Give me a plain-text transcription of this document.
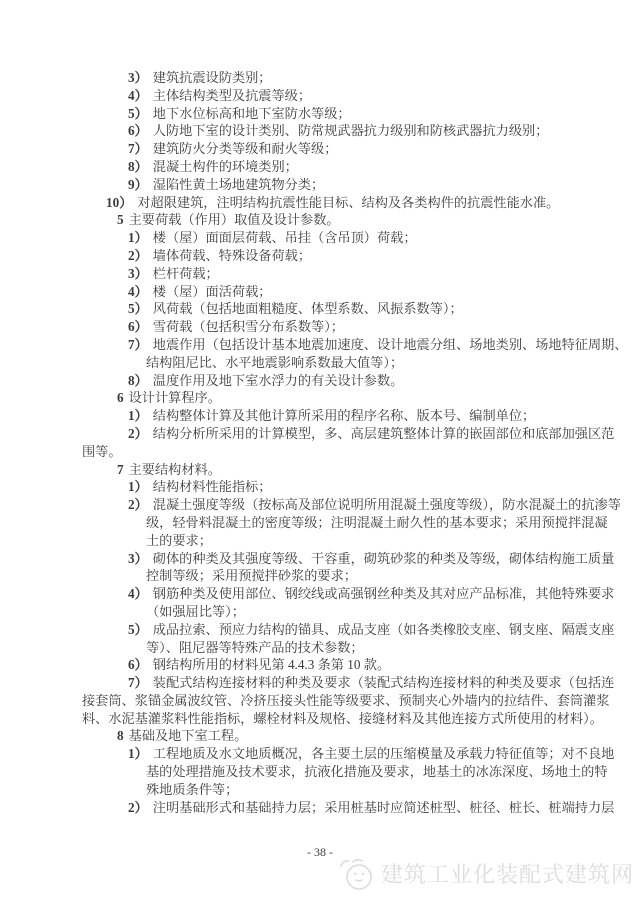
3） 建筑抗震设防类别；
4） 主体结构类型及抗震等级；
5） 地下水位标高和地下室防水等级；
6） 人防地下室的设计类别、防常规武器抗力级别和防核武器抗力级别；
7） 建筑防火分类等级和耐火等级；
8） 混凝土构件的环境类别；
9） 湿陷性黄土场地建筑物分类；
10） 对超限建筑，注明结构抗震性能目标、结构及各类构件的抗震性能水准。
5 主要荷载（作用）取值及设计参数。
1） 楼（屋）面面层荷载、吊挂（含吊顶）荷载；
2） 墙体荷载、特殊设备荷载；
3） 栏杆荷载；
4） 楼（屋）面活荷载；
5） 风荷载（包括地面粗糙度、体型系数、风振系数等）；
6） 雪荷载（包括积雪分布系数等）；
7） 地震作用（包括设计基本地震加速度、设计地震分组、场地类别、场地特征周期、
结构阻尼比、水平地震影响系数最大值等）；
8） 温度作用及地下室水浮力的有关设计参数。
6 设计计算程序。
1） 结构整体计算及其他计算所采用的程序名称、版本号、编制单位；
2） 结构分析所采用的计算模型，多、高层建筑整体计算的嵌固部位和底部加强区范
围等。
7 主要结构材料。
1） 结构材料性能指标；
2） 混凝土强度等级（按标高及部位说明所用混凝土强度等级），防水混凝土的抗渗等
级，轻骨料混凝土的密度等级；注明混凝土耐久性的基本要求；采用预搅拌混凝
土的要求；
3） 砌体的种类及其强度等级、干容重，砌筑砂浆的种类及等级，砌体结构施工质量
控制等级；采用预搅拌砂浆的要求；
4） 钢筋种类及使用部位、钢绞线或高强钢丝种类及其对应产品标准，其他特殊要求
（如强屈比等）；
5） 成品拉索、预应力结构的锚具、成品支座（如各类橡胶支座、钢支座、隔震支座
等）、阻尼器等特殊产品的技术参数；
6） 钢结构所用的材料见第 4.4.3 条第 10 款。
7） 装配式结构连接材料的种类及要求（装配式结构连接材料的种类及要求（包括连
接套筒、浆锚金属波纹管、冷挤压接头性能等级要求、预制夹心外墙内的拉结件、套筒灌浆
料、水泥基灌浆料性能指标，螺栓材料及规格、接缝材料及其他连接方式所使用的材料）。
8 基础及地下室工程。
1） 工程地质及水文地质概况，各主要土层的压缩模量及承载力特征值等；对不良地
基的处理措施及技术要求，抗液化措施及要求，地基土的冰冻深度、场地土的特
殊地质条件等；
2） 注明基础形式和基础持力层；采用桩基时应简述桩型、桩径、桩长、桩端持力层
- 38 -
建筑工业化装配式建筑网
